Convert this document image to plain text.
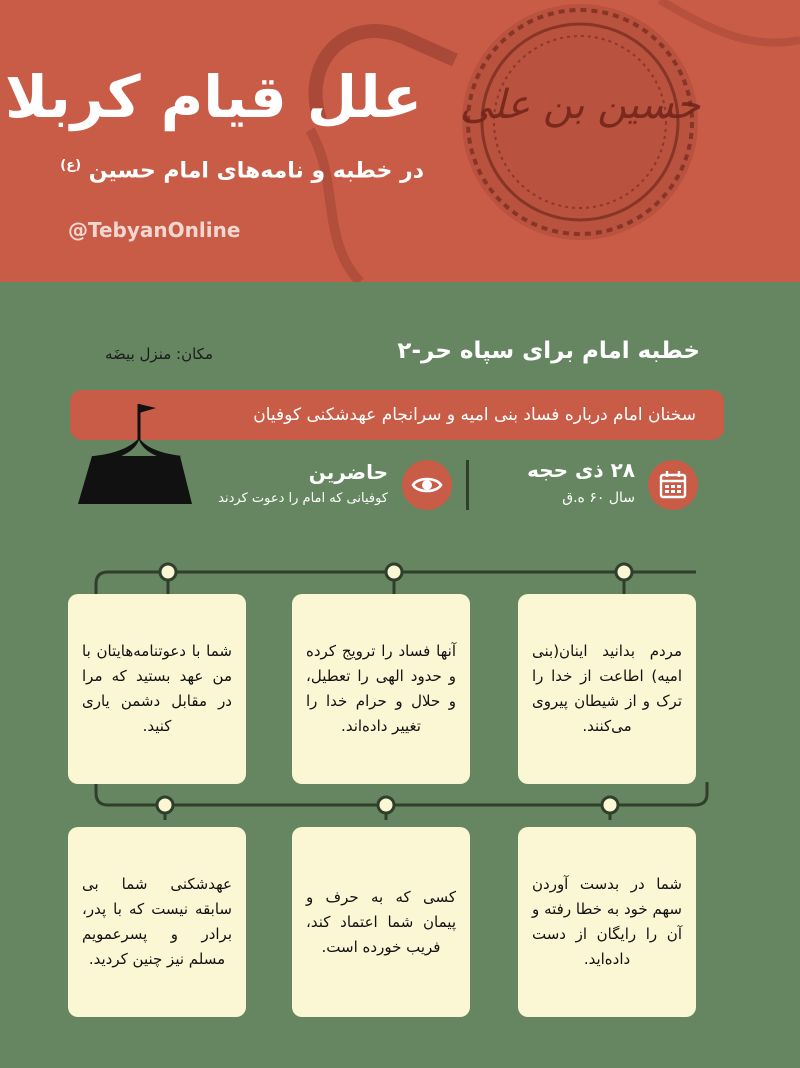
حسین بن علی
علل قیام کربلا
در خطبه و نامه‌های امام حسین $^{(ع)}$
@TebyanOnline
خطبه امام برای سپاه حر-۲
مکان: منزل بیضَه
سخنان امام درباره فساد بنی امیه و سرانجام عهدشکنی کوفیان
۲۸ ذی حجه
سال ۶۰ ه.ق
حاضرین
کوفیانی که امام را دعوت کردند

مردم بدانید اینان(بنی امیه) اطاعت از خدا را ترک و از شیطان پیروی می‌کنند.

آنها فساد را ترویج کرده و حدود الهی را تعطیل، و حلال و حرام خدا را تغییر داده‌اند.

شما با دعوتنامه‌هایتان با من عهد بستید که مرا در مقابل دشمن یاری کنید.

شما در بدست آوردن سهم خود به خطا رفته و آن را رایگان از دست داده‌اید.

کسی که به حرف و پیمان شما اعتماد کند، فریب خورده است.

عهدشکنی شما بی سابقه نیست که با پدر، برادر و پسرعمویم مسلم نیز چنین کردید.
